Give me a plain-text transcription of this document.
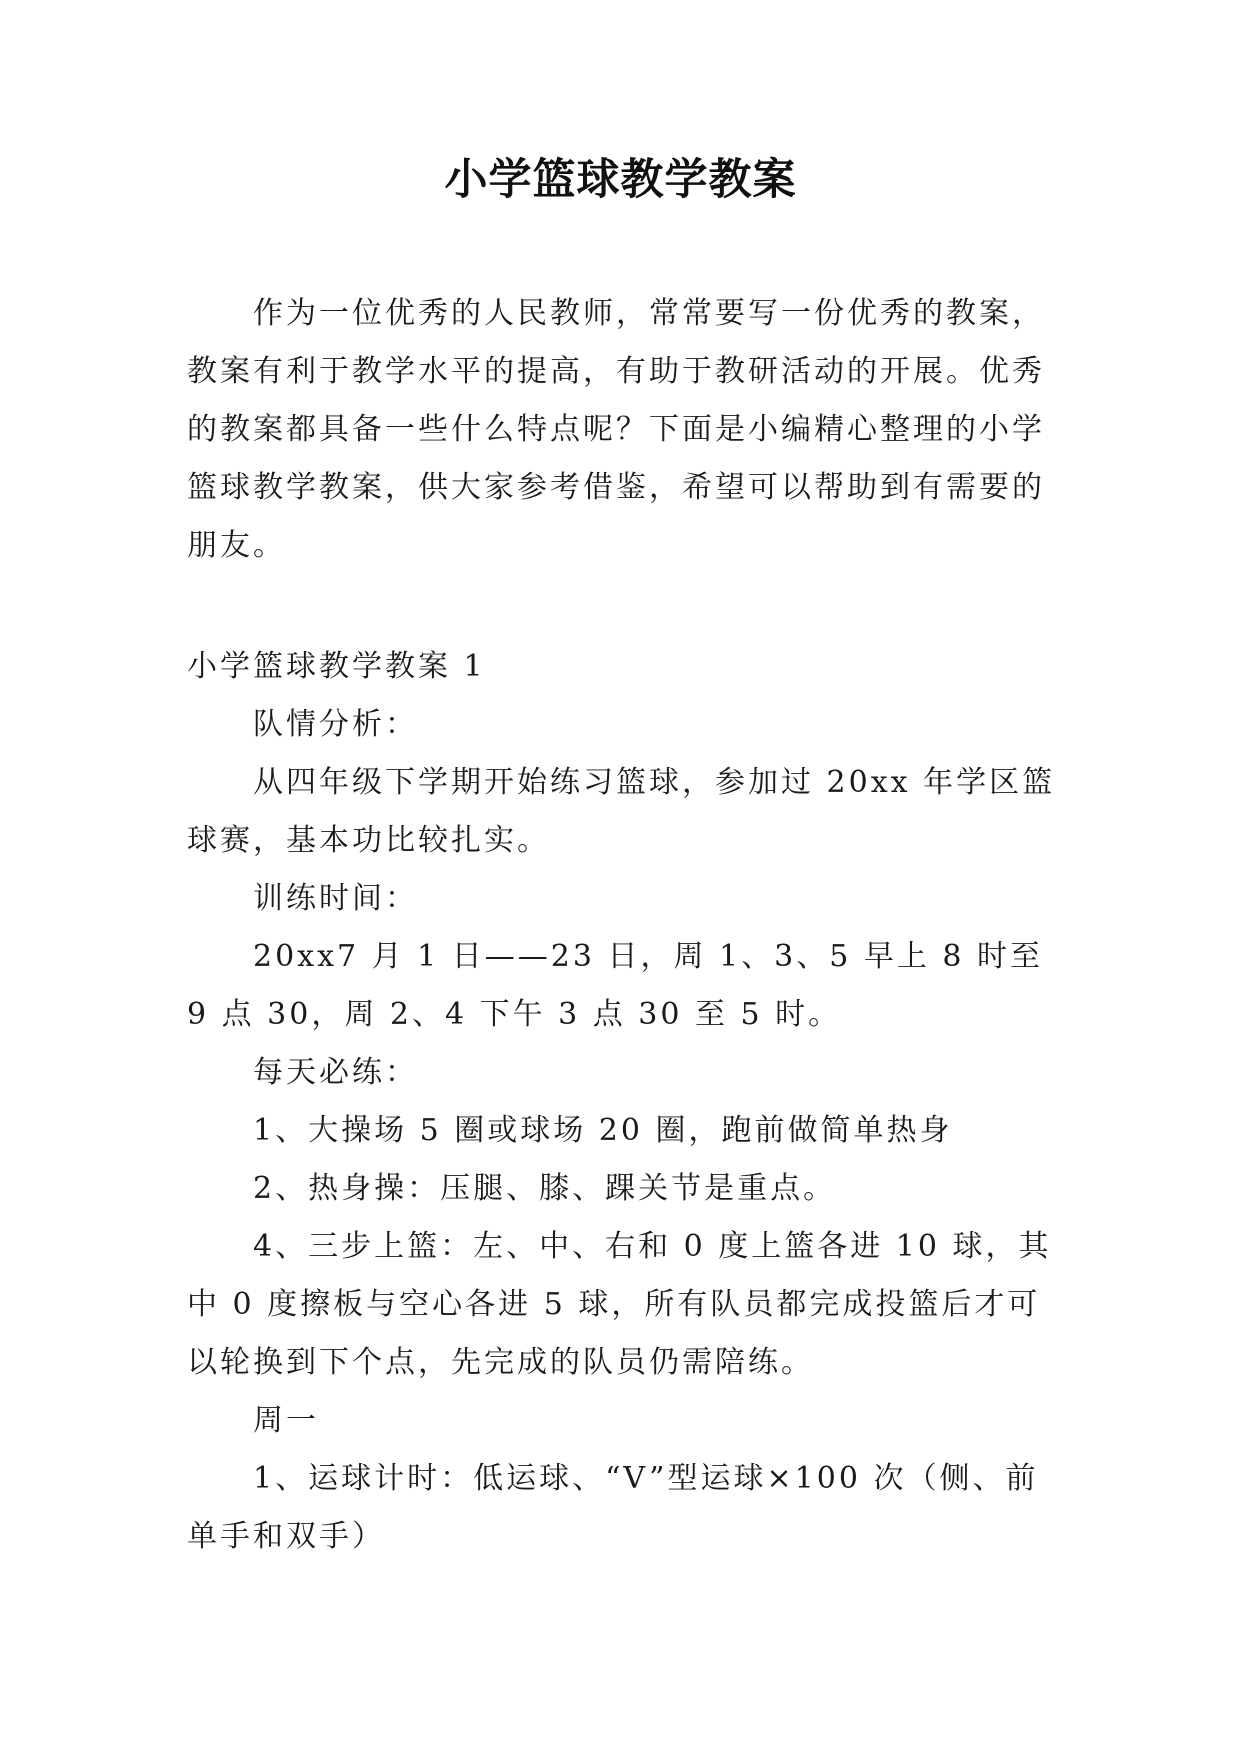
小学篮球教学教案

作为一位优秀的人民教师，常常要写一份优秀的教案，教案有利于教学水平的提高，有助于教研活动的开展。优秀的教案都具备一些什么特点呢？下面是小编精心整理的小学篮球教学教案，供大家参考借鉴，希望可以帮助到有需要的朋友。

小学篮球教学教案 1

队情分析：

从四年级下学期开始练习篮球，参加过 20xx 年学区篮球赛，基本功比较扎实。

训练时间：

20xx7 月 1 日——23 日，周 1、3、5 早上 8 时至 9 点 30，周 2、4 下午 3 点 30 至 5 时。

每天必练：

1、大操场 5 圈或球场 20 圈，跑前做简单热身

2、热身操：压腿、膝、踝关节是重点。

4、三步上篮：左、中、右和 0 度上篮各进 10 球，其中 0 度擦板与空心各进 5 球，所有队员都完成投篮后才可以轮换到下个点，先完成的队员仍需陪练。

周一

1、运球计时：低运球、“V”型运球×100 次（侧、前单手和双手）
